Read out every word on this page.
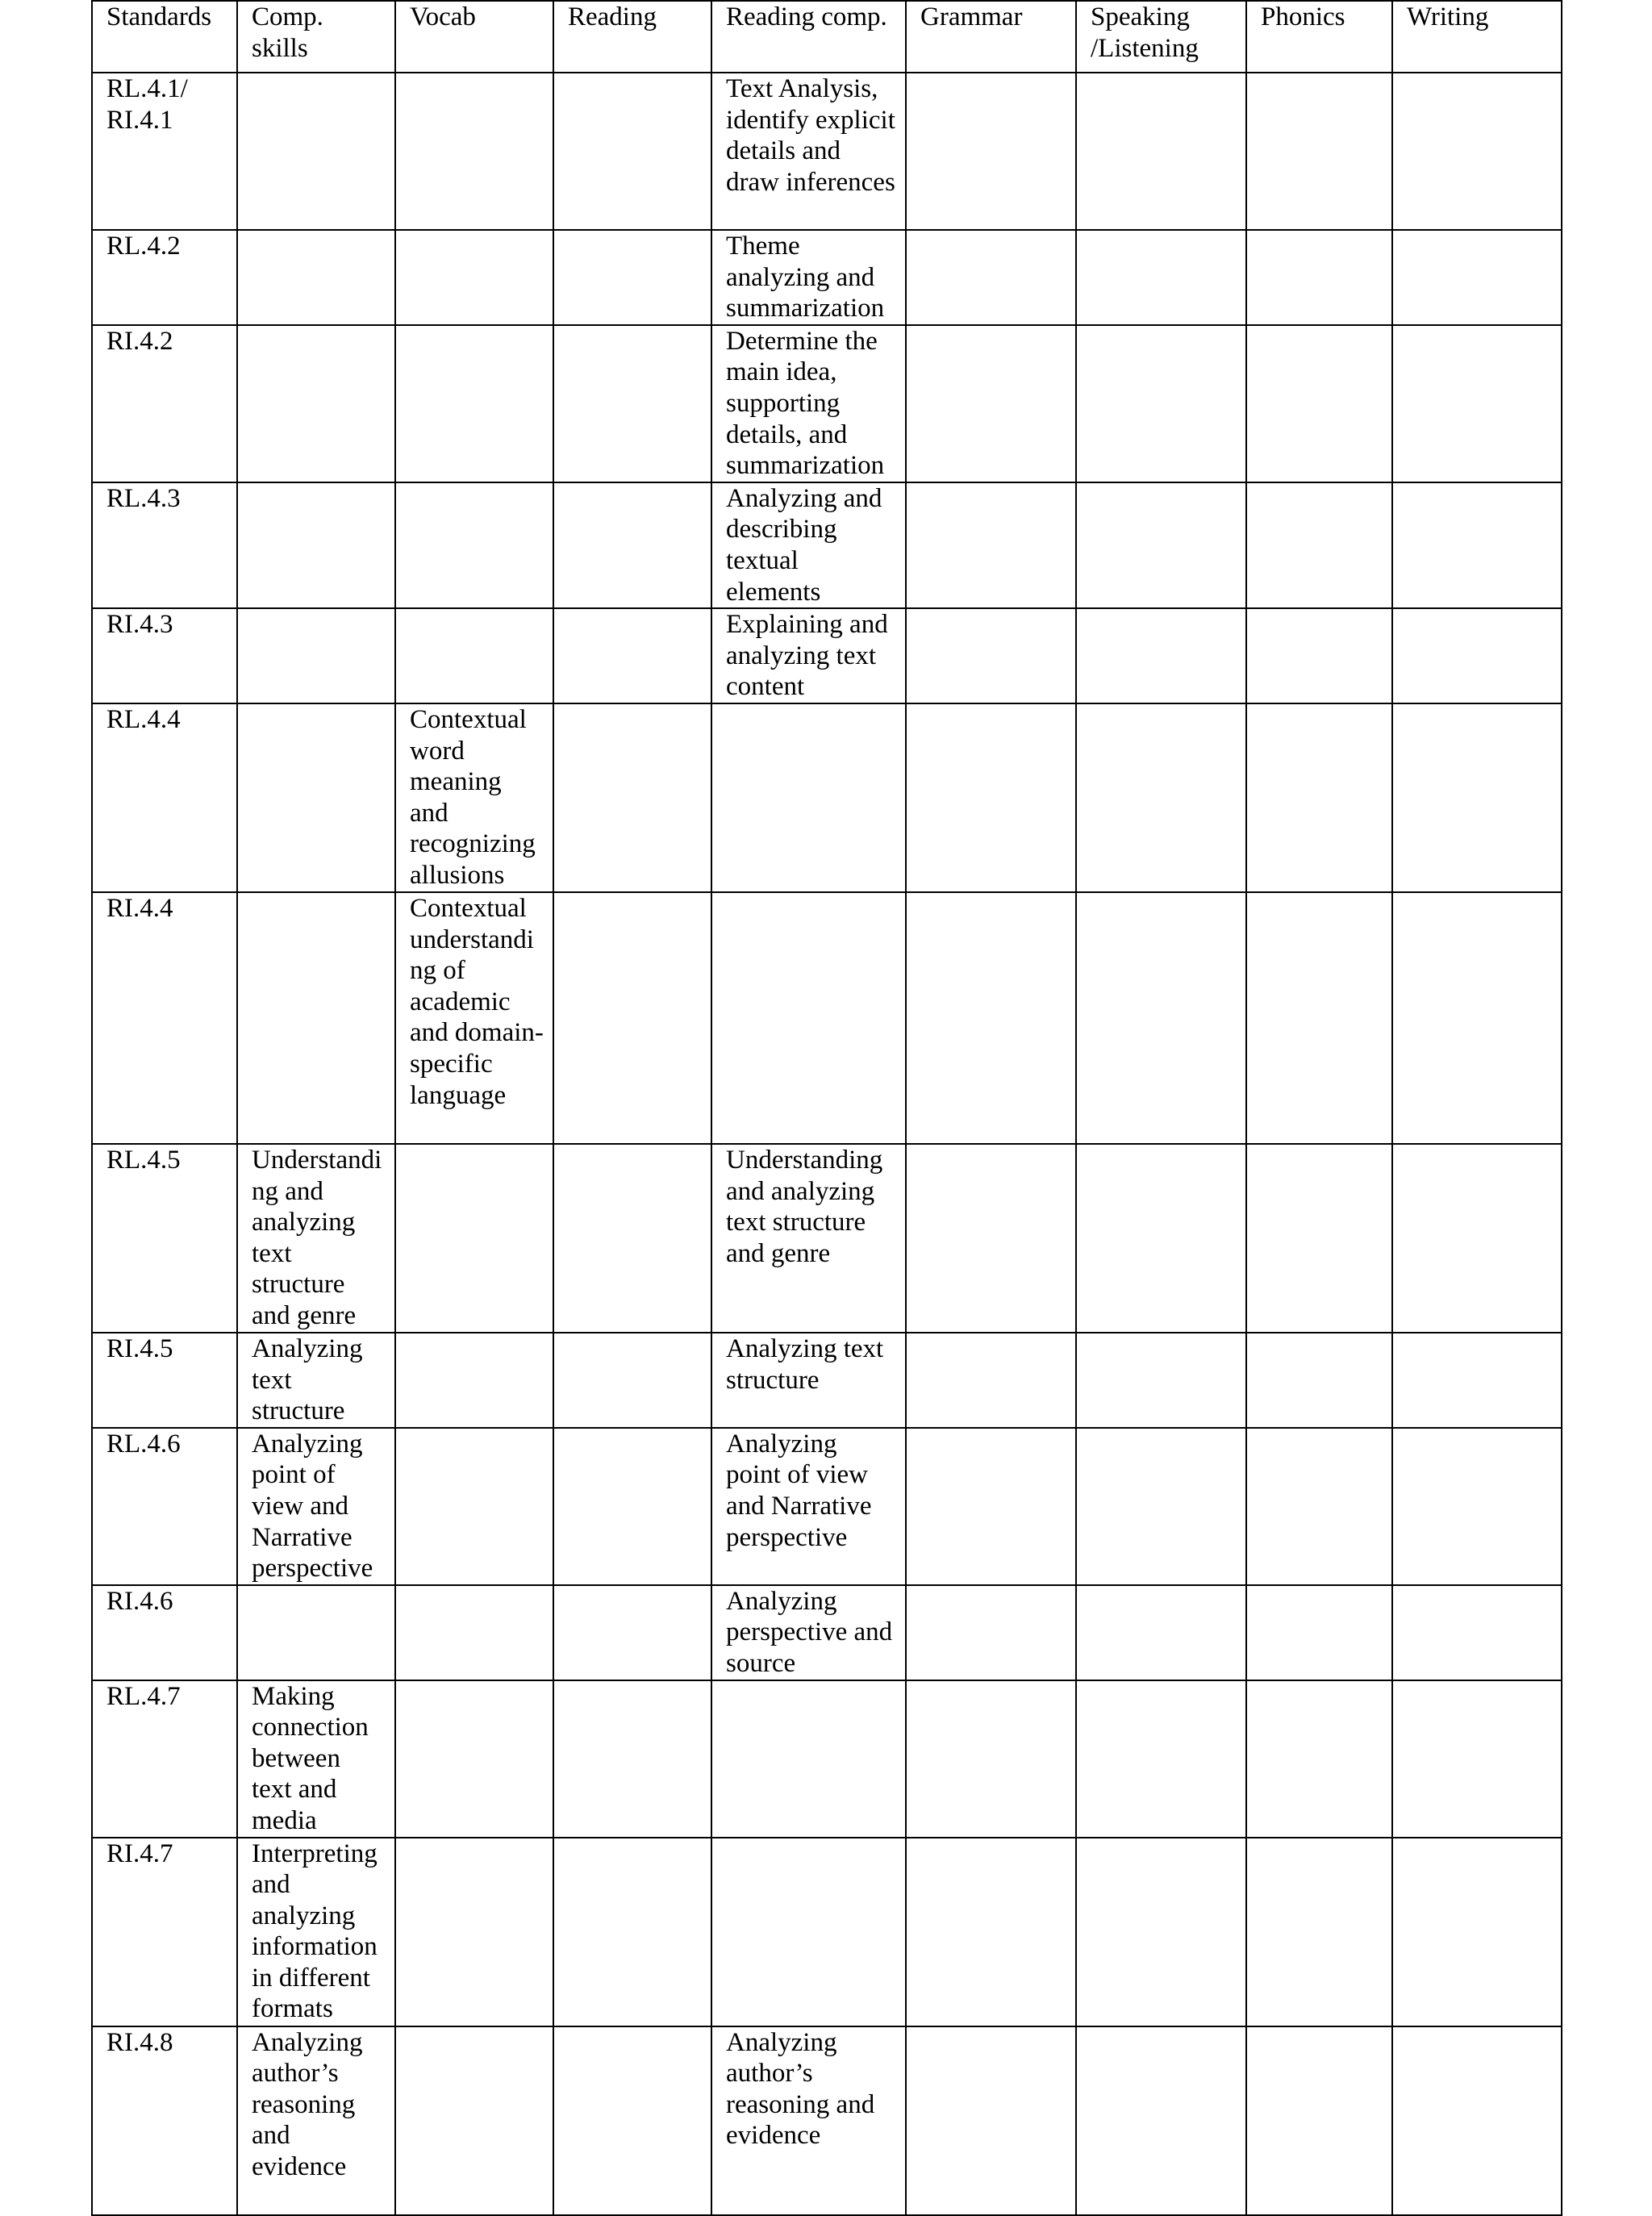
Standards	Comp.
skills	Vocab	Reading	Reading comp.	Grammar	Speaking
/Listening	Phonics	Writing
RL.4.1/
RI.4.1				Text Analysis, identify explicit details and draw inferences				
RL.4.2				Theme analyzing and summarization				
RI.4.2				Determine the main idea, supporting details, and summarization				
RL.4.3				Analyzing and describing textual elements				
RI.4.3				Explaining and analyzing text content				
RL.4.4		Contextual word meaning and recognizing allusions						
RI.4.4		Contextual understanding of academic and domain-specific language						
RL.4.5	Understanding and analyzing text structure and genre			Understanding and analyzing text structure and genre				
RI.4.5	Analyzing text structure			Analyzing text structure				
RL.4.6	Analyzing point of view and Narrative perspective			Analyzing point of view and Narrative perspective				
RI.4.6				Analyzing perspective and source				
RL.4.7	Making connection between text and media							
RI.4.7	Interpreting and analyzing information in different formats							
RI.4.8	Analyzing author’s reasoning and evidence			Analyzing author’s reasoning and evidence				
